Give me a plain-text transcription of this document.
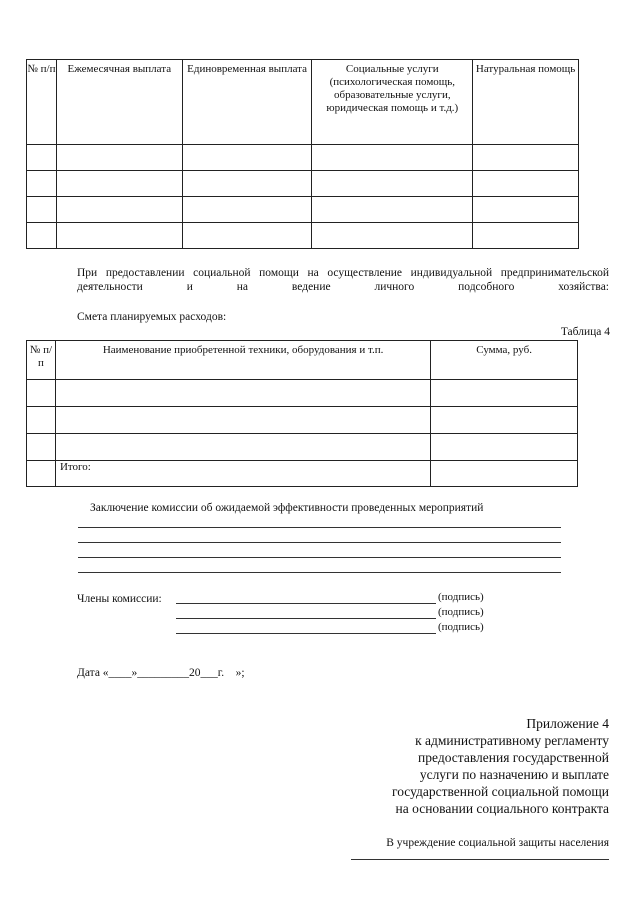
№ п/п	Ежемесячная выплата	Единовременная выплата	Социальные услуги (психологическая помощь, образовательные услуги, юридическая помощь и т.д.)	Натуральная помощь

При предоставлении социальной помощи на осуществление индивидуальной предпринимательской деятельности и на ведение личного подсобного хозяйства:
Смета планируемых расходов:
Таблица 4
№ п/п	Наименование приобретенной техники, оборудования и т.п.	Сумма, руб.

	Итого:	
Заключение комиссии об ожидаемой эффективности проведенных мероприятий
Члены комиссии:	(подпись)
(подпись)
(подпись)
Дата «____»_________20___г.    »;
Приложение 4
к административному регламенту
предоставления государственной
услуги по назначению и выплате
государственной социальной помощи
на основании социального контракта
В учреждение социальной защиты населения
